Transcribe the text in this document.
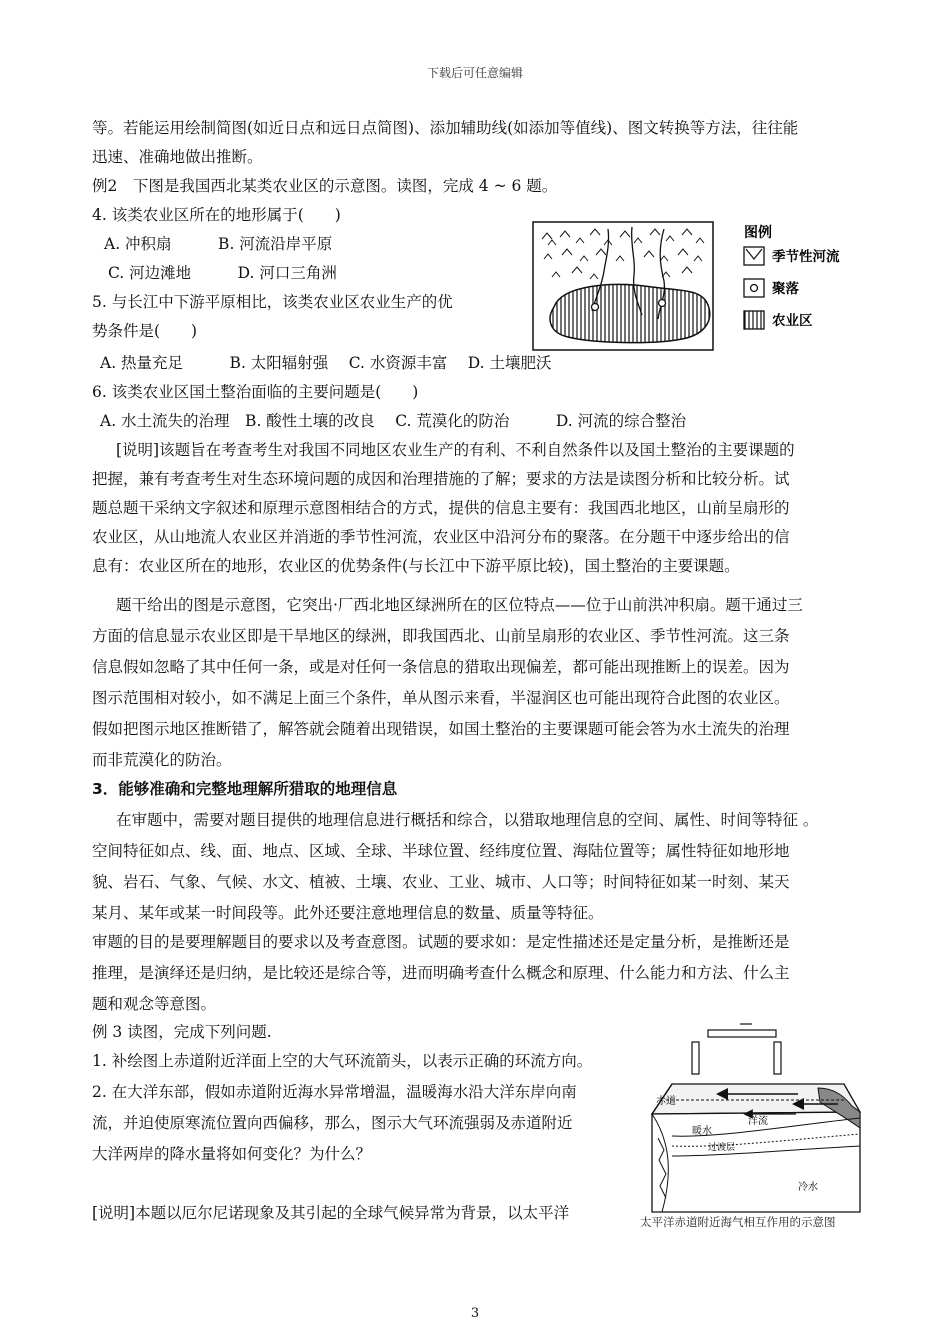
下载后可任意编辑
等。若能运用绘制简图(如近日点和远日点简图)、添加辅助线(如添加等值线)、图文转换等方法，往往能
迅速、准确地做出推断。
例2　下图是我国西北某类农业区的示意图。读图，完成 4 ~ 6 题。
4. 该类农业区所在的地形属于(　　)
A. 冲积扇　　　B. 河流沿岸平原
C. 河边滩地　　　D. 河口三角洲
5. 与长江中下游平原相比，该类农业区农业生产的优
势条件是(　　)
A. 热量充足　　　B. 太阳辐射强　 C. 水资源丰富　 D. 土壤肥沃
6. 该类农业区国土整治面临的主要问题是(　　)
A. 水土流失的治理　B. 酸性土壤的改良　 C. 荒漠化的防治　　　D. 河流的综合整治
[说明]该题旨在考查考生对我国不同地区农业生产的有利、不利自然条件以及国土整治的主要课题的
把握，兼有考查考生对生态环境问题的成因和治理措施的了解；要求的方法是读图分析和比较分析。试
题总题干采纳文字叙述和原理示意图相结合的方式，提供的信息主要有：我国西北地区，山前呈扇形的
农业区，从山地流人农业区并消逝的季节性河流，农业区中沿河分布的聚落。在分题干中逐步给出的信
息有：农业区所在的地形，农业区的优势条件(与长江中下游平原比较)，国土整治的主要课题。
题干给出的图是示意图，它突出·厂西北地区绿洲所在的区位特点——位于山前洪冲积扇。题干通过三
方面的信息显示农业区即是干旱地区的绿洲，即我国西北、山前呈扇形的农业区、季节性河流。这三条
信息假如忽略了其中任何一条，或是对任何一条信息的猎取出现偏差，都可能出现推断上的误差。因为
图示范围相对较小，如不满足上面三个条件，单从图示来看，半湿润区也可能出现符合此图的农业区。
假如把图示地区推断错了，解答就会随着出现错误，如国土整治的主要课题可能会答为水土流失的治理
而非荒漠化的防治。
3．能够准确和完整地理解所猎取的地理信息
在审题中，需要对题目提供的地理信息进行概括和综合，以猎取地理信息的空间、属性、时间等特征 。
空间特征如点、线、面、地点、区域、全球、半球位置、经纬度位置、海陆位置等；属性特征如地形地
貌、岩石、气象、气候、水文、植被、土壤、农业、工业、城市、人口等；时间特征如某一时刻、某天
某月、某年或某一时间段等。此外还要注意地理信息的数量、质量等特征。
审题的目的是要理解题目的要求以及考查意图。试题的要求如：是定性描述还是定量分析，是推断还是
推理，是演绎还是归纳，是比较还是综合等，进而明确考查什么概念和原理、什么能力和方法、什么主
题和观念等意图。
例 3 读图，完成下列问题.
1. 补绘图上赤道附近洋面上空的大气环流箭头，以表示正确的环流方向。
2. 在大洋东部，假如赤道附近海水异常增温，温暖海水沿大洋东岸向南
流，并迫使原寒流位置向西偏移，那么，图示大气环流强弱及赤道附近
大洋两岸的降水量将如何变化？为什么？
[说明]本题以厄尔尼诺现象及其引起的全球气候异常为背景，以太平洋
图例
季节性河流
聚落
农业区
赤道
洋流
暖水
过渡层
冷水
太平洋赤道附近海气相互作用的示意图
3
